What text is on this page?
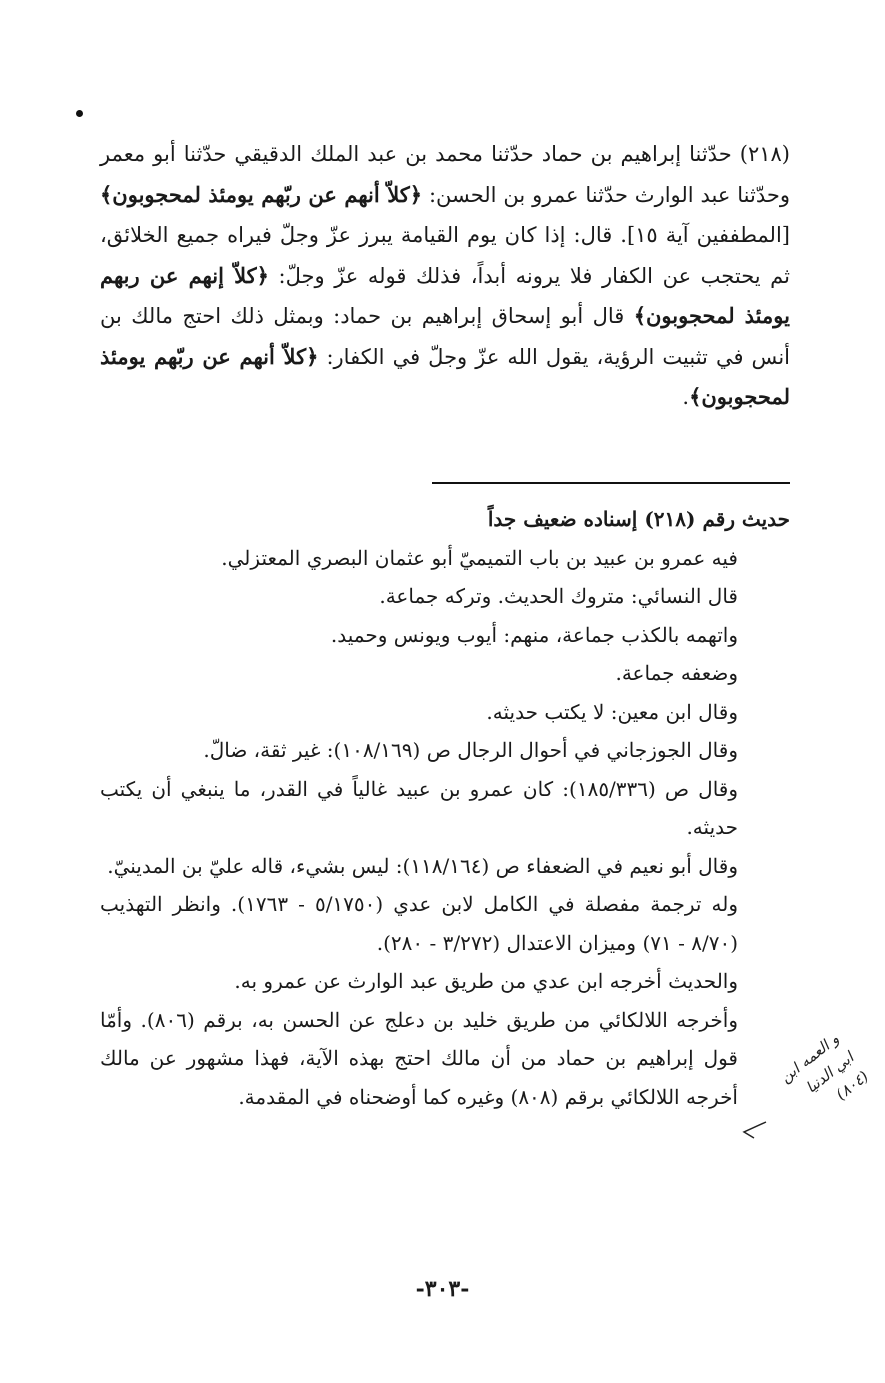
(٢١٨) حدّثنا إبراهيم بن حماد حدّثنا محمد بن عبد الملك الدقيقي حدّثنا أبو معمر وحدّثنا عبد الوارث حدّثنا عمرو بن الحسن: ﴿كلاّ أنهم عن ربّهم يومئذ لمحجوبون﴾ [المطففين آية ١٥]. قال: إذا كان يوم القيامة يبرز عزّ وجلّ فيراه جميع الخلائق، ثم يحتجب عن الكفار فلا يرونه أبداً، فذلك قوله عزّ وجلّ: ﴿كلاّ إنهم عن ربهم يومئذ لمحجوبون﴾ قال أبو إسحاق إبراهيم بن حماد: وبمثل ذلك احتج مالك بن أنس في تثبيت الرؤية، يقول الله عزّ وجلّ في الكفار: ﴿كلاّ أنهم عن ربّهم يومئذ لمحجوبون﴾.
حديث رقم (٢١٨) إسناده ضعيف جداً
فيه عمرو بن عبيد بن باب التميميّ أبو عثمان البصري المعتزلي.
قال النسائي: متروك الحديث. وتركه جماعة.
واتهمه بالكذب جماعة، منهم: أيوب ويونس وحميد.
وضعفه جماعة.
وقال ابن معين: لا يكتب حديثه.
وقال الجوزجاني في أحوال الرجال ص (١٠٨/١٦٩): غير ثقة، ضالّ.
وقال ص (١٨٥/٣٣٦): كان عمرو بن عبيد غالياً في القدر، ما ينبغي أن يكتب حديثه.
وقال أبو نعيم في الضعفاء ص (١١٨/١٦٤): ليس بشيء، قاله عليّ بن المدينيّ.
وله ترجمة مفصلة في الكامل لابن عدي (٥/١٧٥٠ - ١٧٦٣). وانظر التهذيب (٨/٧٠ - ٧١) وميزان الاعتدال (٣/٢٧٢ - ٢٨٠).
والحديث أخرجه ابن عدي من طريق عبد الوارث عن عمرو به.
وأخرجه اللالكائي من طريق خليد بن دعلج عن الحسن به، برقم (٨٠٦). وأمّا قول إبراهيم بن حماد من أن مالك احتج بهذه الآية، فهذا مشهور عن مالك أخرجه اللالكائي برقم (٨٠٨) وغيره كما أوضحناه في المقدمة.
و العمه ابن ابي الدنيا (٨٠٤)
-٣٠٣-
